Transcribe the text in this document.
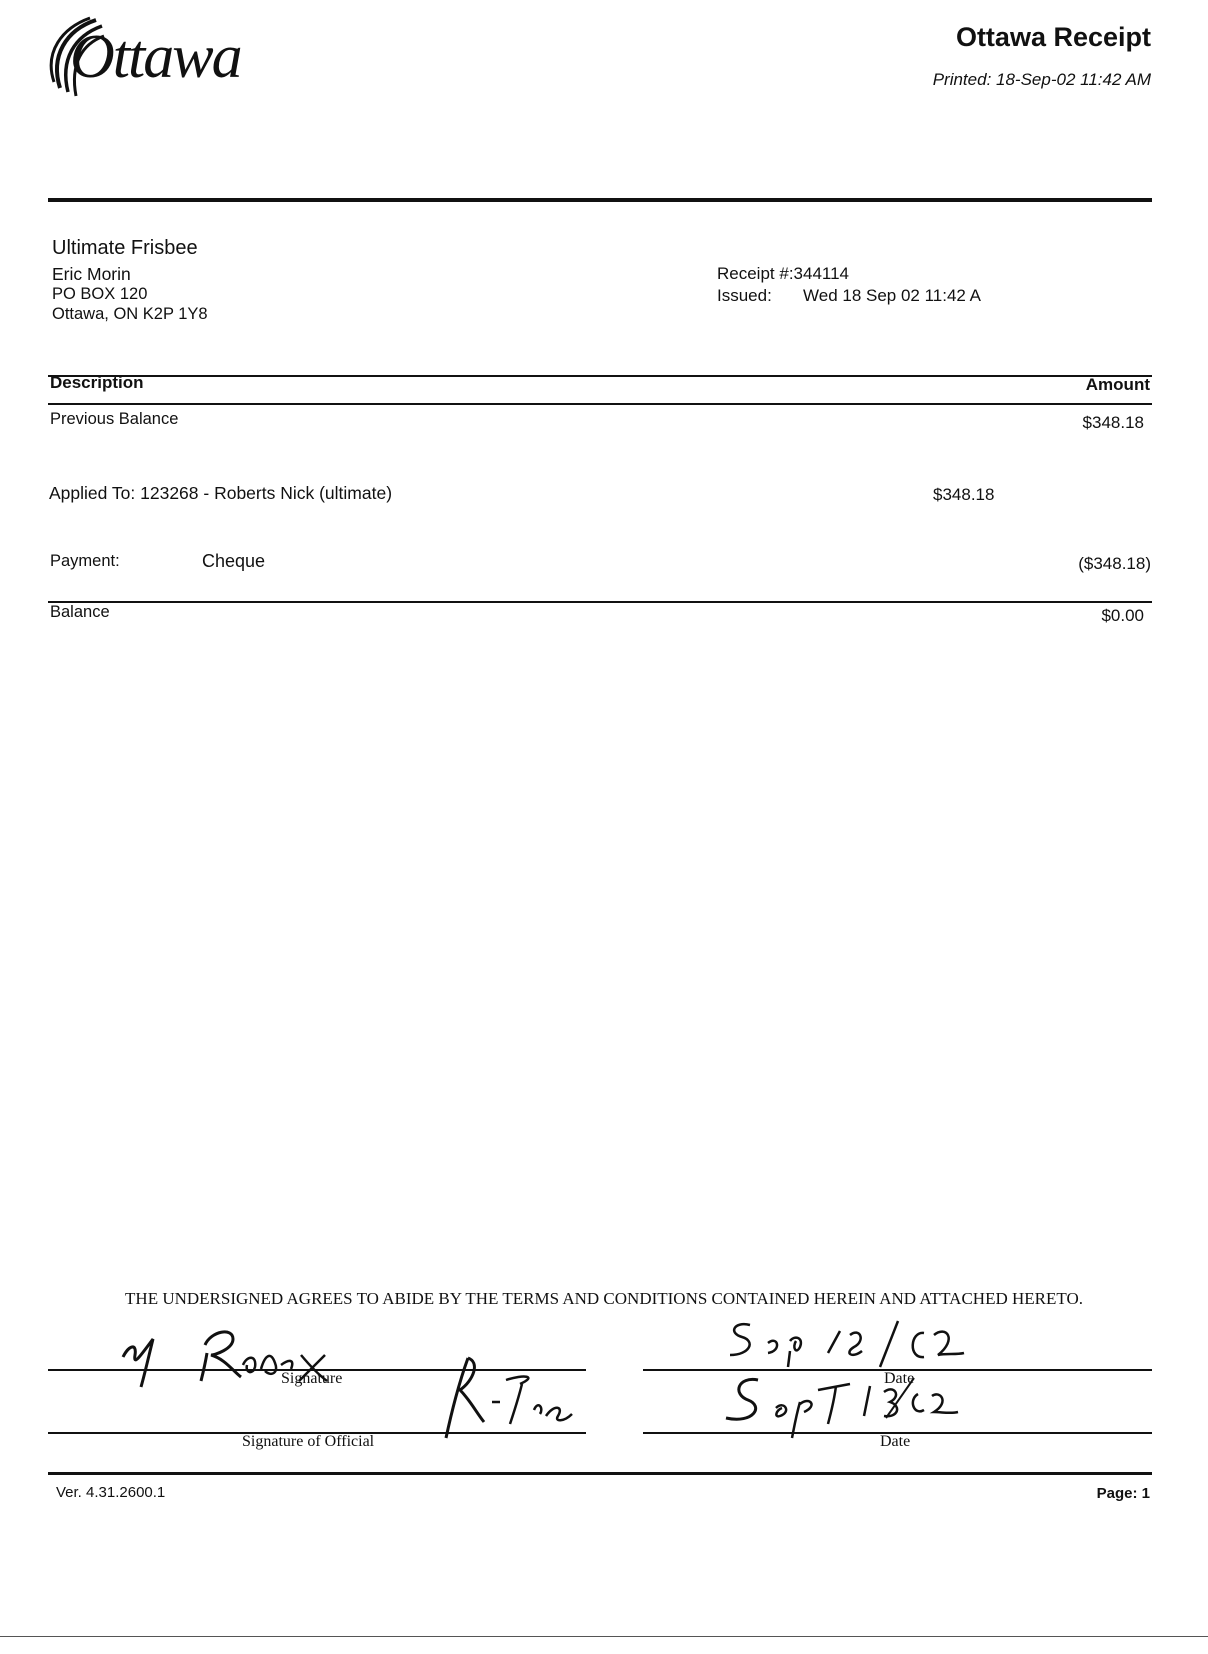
Ottawa	Ottawa Receipt
Printed: 18-Sep-02 11:42 AM
Ultimate Frisbee
Eric Morin
PO BOX 120
Ottawa, ON K2P 1Y8
Receipt #:344114
Issued: Wed 18 Sep 02 11:42 A
Description	Amount
Previous Balance	$348.18
Applied To: 123268 - Roberts Nick (ultimate)	$348.18
Payment:	Cheque	($348.18)
Balance	$0.00
THE UNDERSIGNED AGREES TO ABIDE BY THE TERMS AND CONDITIONS CONTAINED HEREIN AND ATTACHED HERETO.
Signature	Date
Signature of Official	Date
Ver. 4.31.2600.1	Page: 1
